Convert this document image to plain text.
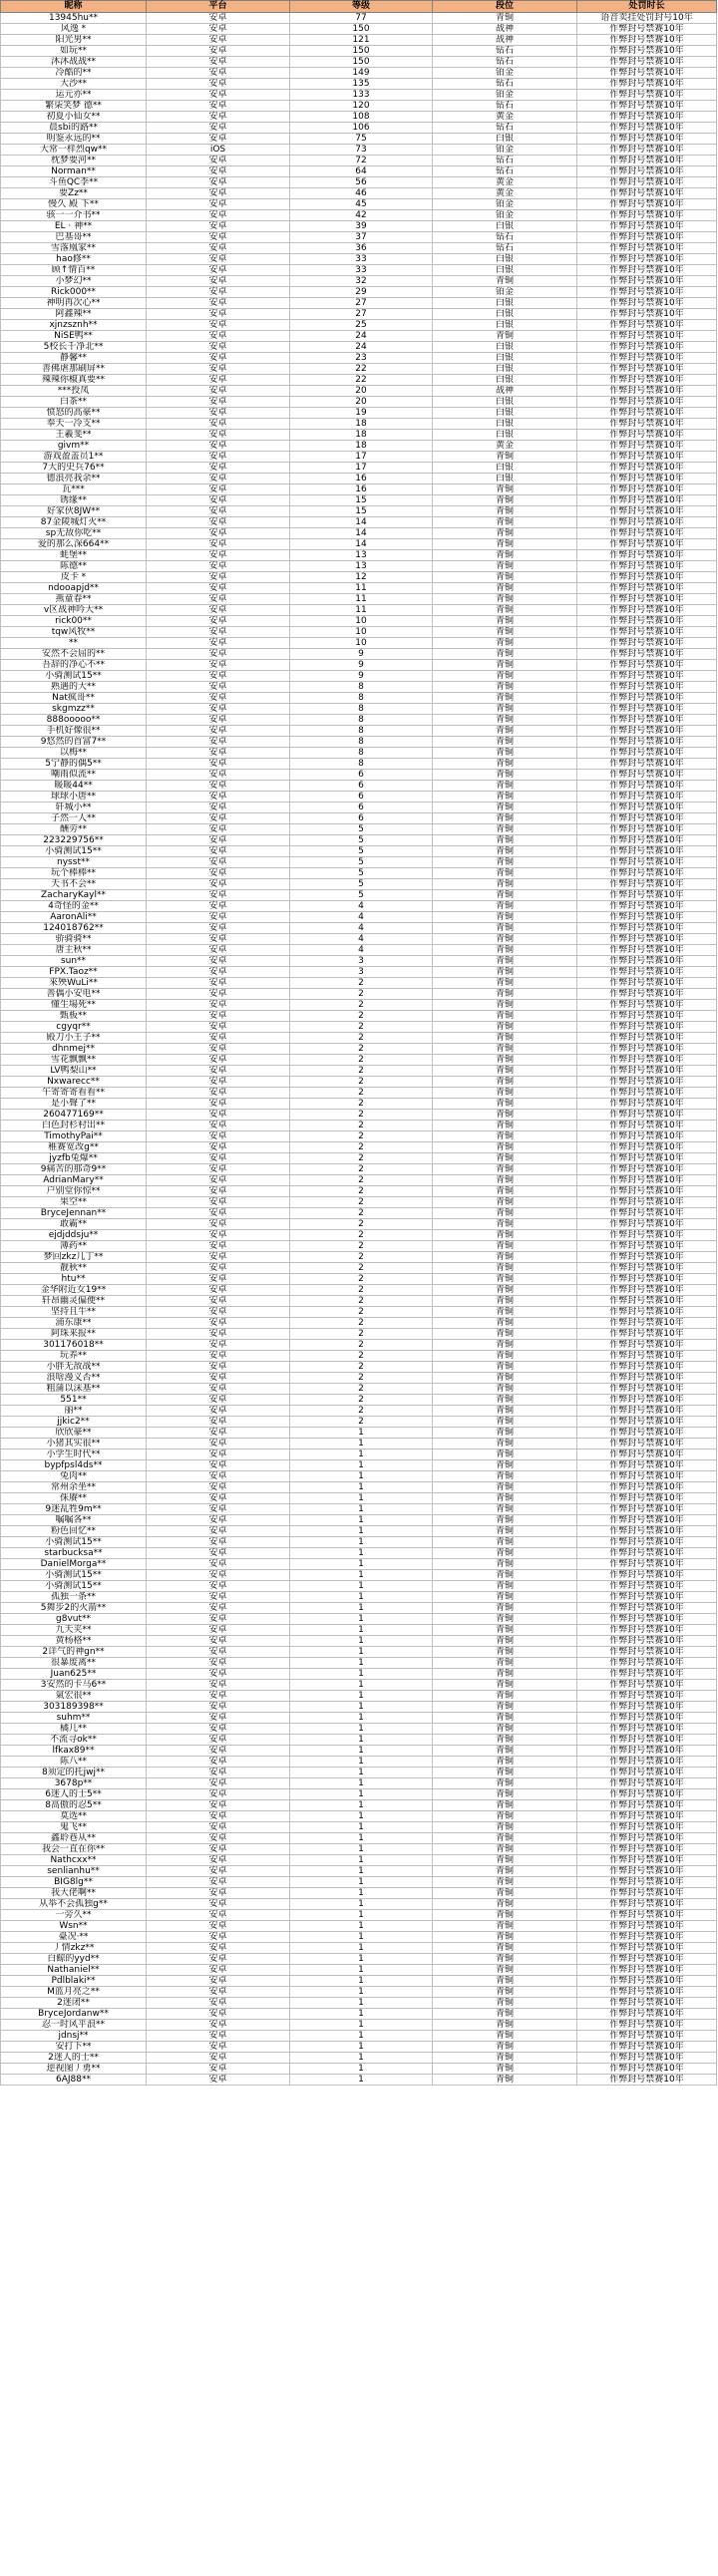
昵称	平台	等级	段位	处罚时长
13945hu**	安卓	77	青铜	语音卖挂处罚封号10年
风逸 *	安卓	150	战神	作弊封号禁赛10年
阳光男**	安卓	121	战神	作弊封号禁赛10年
如玩**	安卓	150	钻石	作弊封号禁赛10年
沐沐战战**	安卓	150	钻石	作弊封号禁赛10年
冷酷的**	安卓	149	铂金	作弊封号禁赛10年
大沙**	安卓	135	钻石	作弊封号禁赛10年
运元亦**	安卓	133	铂金	作弊封号禁赛10年
繁柒笑梦 德**	安卓	120	钻石	作弊封号禁赛10年
初夏小仙女**	安卓	108	黄金	作弊封号禁赛10年
晨sbi的路**	安卓	106	钻石	作弊封号禁赛10年
明鉴永远的**	安卓	75	白银	作弊封号禁赛10年
大常一样烈qw**	iOS	73	铂金	作弊封号禁赛10年
枕梦要河**	安卓	72	钻石	作弊封号禁赛10年
Norman**	安卓	64	钻石	作弊封号禁赛10年
斗鱼QC李**	安卓	56	黄金	作弊封号禁赛10年
要Zz**	安卓	46	黄金	作弊封号禁赛10年
慢久 殿 下**	安卓	45	铂金	作弊封号禁赛10年
骇一一介书**	安卓	42	铂金	作弊封号禁赛10年
EL · 神**	安卓	39	白银	作弊封号禁赛10年
巴基哥**	安卓	37	钻石	作弊封号禁赛10年
雪落凰家**	安卓	36	钻石	作弊封号禁赛10年
hao修**	安卓	33	白银	作弊封号禁赛10年
顾↑情百**	安卓	33	白银	作弊封号禁赛10年
小梦幻**	安卓	32	青铜	作弊封号禁赛10年
Rick000**	安卓	29	铂金	作弊封号禁赛10年
神明再次心**	安卓	27	白银	作弊封号禁赛10年
阿鑫辣**	安卓	27	白银	作弊封号禁赛10年
xjnzsznh**	安卓	25	白银	作弊封号禁赛10年
NiSE鸭**	安卓	24	青铜	作弊封号禁赛10年
5校长千净北**	安卓	24	白银	作弊封号禁赛10年
静馨**	安卓	23	白银	作弊封号禁赛10年
善佛虐那刷屏**	安卓	22	白银	作弊封号禁赛10年
辣辣你椒真要**	安卓	22	白银	作弊封号禁赛10年
***授凤	安卓	20	战神	作弊封号禁赛10年
白茶**	安卓	20	白银	作弊封号禁赛10年
愤怒的高豪**	安卓	19	白银	作弊封号禁赛10年
奉天一冷支**	安卓	18	白银	作弊封号禁赛10年
王羲斐**	安卓	18	白银	作弊封号禁赛10年
givm**	安卓	18	黄金	作弊封号禁赛10年
游戏盈盖员1**	安卓	17	青铜	作弊封号禁赛10年
7大的史兵76**	安卓	17	白银	作弊封号禁赛10年
德浪亮我余**	安卓	16	白银	作弊封号禁赛10年
瓦***	安卓	16	青铜	作弊封号禁赛10年
锈缘**	安卓	15	青铜	作弊封号禁赛10年
好家伙8JW**	安卓	15	青铜	作弊封号禁赛10年
87金陵城灯火**	安卓	14	青铜	作弊封号禁赛10年
sp无敌你吃**	安卓	14	青铜	作弊封号禁赛10年
爱的那么深664**	安卓	14	青铜	作弊封号禁赛10年
蚝堡**	安卓	13	青铜	作弊封号禁赛10年
陈德**	安卓	13	青铜	作弊封号禁赛10年
皮卡 *	安卓	12	青铜	作弊封号禁赛10年
ndooapjd**	安卓	11	青铜	作弊封号禁赛10年
燕童春**	安卓	11	青铜	作弊封号禁赛10年
v区战神吟大**	安卓	11	青铜	作弊封号禁赛10年
rick00**	安卓	10	青铜	作弊封号禁赛10年
tqw风牧**	安卓	10	青铜	作弊封号禁赛10年
**	安卓	10	青铜	作弊封号禁赛10年
安然不会屈的**	安卓	9	青铜	作弊封号禁赛10年
吾辞的净心不**	安卓	9	青铜	作弊封号禁赛10年
小骑测试15**	安卓	9	青铜	作弊封号禁赛10年
熟遇的大**	安卓	8	青铜	作弊封号禁赛10年
Nat疯哥**	安卓	8	青铜	作弊封号禁赛10年
skgmzz**	安卓	8	青铜	作弊封号禁赛10年
888ooooo**	安卓	8	青铜	作弊封号禁赛10年
手机好像很**	安卓	8	青铜	作弊封号禁赛10年
9悠然的首富7**	安卓	8	青铜	作弊封号禁赛10年
以梅**	安卓	8	青铜	作弊封号禁赛10年
5宁静的偶5**	安卓	8	青铜	作弊封号禁赛10年
嘲雨似流**	安卓	6	青铜	作弊封号禁赛10年
暖暖44**	安卓	6	青铜	作弊封号禁赛10年
球球小唐**	安卓	6	青铜	作弊封号禁赛10年
轩城小**	安卓	6	青铜	作弊封号禁赛10年
子然一人**	安卓	6	青铜	作弊封号禁赛10年
酬劳**	安卓	5	青铜	作弊封号禁赛10年
223229756**	安卓	5	青铜	作弊封号禁赛10年
小骑测试15**	安卓	5	青铜	作弊封号禁赛10年
nysst**	安卓	5	青铜	作弊封号禁赛10年
玩个棒棒**	安卓	5	青铜	作弊封号禁赛10年
天书不会**	安卓	5	青铜	作弊封号禁赛10年
ZacharyKayl**	安卓	5	青铜	作弊封号禁赛10年
4奇怪的金**	安卓	4	青铜	作弊封号禁赛10年
AaronAli**	安卓	4	青铜	作弊封号禁赛10年
124018762**	安卓	4	青铜	作弊封号禁赛10年
骄骑骑**	安卓	4	青铜	作弊封号禁赛10年
唐主秋**	安卓	4	青铜	作弊封号禁赛10年
sun**	安卓	3	青铜	作弊封号禁赛10年
FPX.Taoz**	安卓	3	青铜	作弊封号禁赛10年
來殃WuLi**	安卓	2	青铜	作弊封号禁赛10年
善偶小安电**	安卓	2	青铜	作弊封号禁赛10年
懂生場死**	安卓	2	青铜	作弊封号禁赛10年
甄板**	安卓	2	青铜	作弊封号禁赛10年
cgyqr**	安卓	2	青铜	作弊封号禁赛10年
殿刀小王子**	安卓	2	青铜	作弊封号禁赛10年
dhnmej**	安卓	2	青铜	作弊封号禁赛10年
雪花飘飘**	安卓	2	青铜	作弊封号禁赛10年
LV鸭梨山**	安卓	2	青铜	作弊封号禁赛10年
Nxwarecc**	安卓	2	青铜	作弊封号禁赛10年
午寄寄寄看看**	安卓	2	青铜	作弊封号禁赛10年
是小聲了**	安卓	2	青铜	作弊封号禁赛10年
260477169**	安卓	2	青铜	作弊封号禁赛10年
白色封杉村出**	安卓	2	青铜	作弊封号禁赛10年
TimothyPai**	安卓	2	青铜	作弊封号禁赛10年
稚赛宽改g**	安卓	2	青铜	作弊封号禁赛10年
jyzfb兔爆**	安卓	2	青铜	作弊封号禁赛10年
9痛苦的那奇9**	安卓	2	青铜	作弊封号禁赛10年
AdrianMary**	安卓	2	青铜	作弊封号禁赛10年
户别堂你惊**	安卓	2	青铜	作弊封号禁赛10年
果空**	安卓	2	青铜	作弊封号禁赛10年
BryceJennan**	安卓	2	青铜	作弊封号禁赛10年
敢霸**	安卓	2	青铜	作弊封号禁赛10年
ejdjddsju**	安卓	2	青铜	作弊封号禁赛10年
薄药**	安卓	2	青铜	作弊封号禁赛10年
梦回zkz几丁**	安卓	2	青铜	作弊封号禁赛10年
靓秋**	安卓	2	青铜	作弊封号禁赛10年
htu**	安卓	2	青铜	作弊封号禁赛10年
金华附近女19**	安卓	2	青铜	作弊封号禁赛10年
轩昂幽灵偏便**	安卓	2	青铜	作弊封号禁赛10年
坚持且牛**	安卓	2	青铜	作弊封号禁赛10年
浦东康**	安卓	2	青铜	作弊封号禁赛10年
阿珠来报**	安卓	2	青铜	作弊封号禁赛10年
301176018**	安卓	2	青铜	作弊封号禁赛10年
玩养**	安卓	2	青铜	作弊封号禁赛10年
小胖无敌战**	安卓	2	青铜	作弊封号禁赛10年
浪啥漫义否**	安卓	2	青铜	作弊封号禁赛10年
粗蒲以沫基**	安卓	2	青铜	作弊封号禁赛10年
551**	安卓	2	青铜	作弊封号禁赛10年
丽**	安卓	2	青铜	作弊封号禁赛10年
jjkic2**	安卓	2	青铜	作弊封号禁赛10年
欣欣豪**	安卓	1	青铜	作弊封号禁赛10年
小猪其实很**	安卓	1	青铜	作弊封号禁赛10年
小学生时代**	安卓	1	青铜	作弊封号禁赛10年
bypfpsl4ds**	安卓	1	青铜	作弊封号禁赛10年
兔肉**	安卓	1	青铜	作弊封号禁赛10年
常州余坐**	安卓	1	青铜	作弊封号禁赛10年
侏赓**	安卓	1	青铜	作弊封号禁赛10年
9迷乱牲9m**	安卓	1	青铜	作弊封号禁赛10年
嘱嘱各**	安卓	1	青铜	作弊封号禁赛10年
粉色回忆**	安卓	1	青铜	作弊封号禁赛10年
小骑测试15**	安卓	1	青铜	作弊封号禁赛10年
starbucksa**	安卓	1	青铜	作弊封号禁赛10年
DanielMorga**	安卓	1	青铜	作弊封号禁赛10年
小骑测试15**	安卓	1	青铜	作弊封号禁赛10年
小骑测试15**	安卓	1	青铜	作弊封号禁赛10年
孤独一条**	安卓	1	青铜	作弊封号禁赛10年
5舞步2的火箭**	安卓	1	青铜	作弊封号禁赛10年
g8vut**	安卓	1	青铜	作弊封号禁赛10年
九天夹**	安卓	1	青铜	作弊封号禁赛10年
黄杨格**	安卓	1	青铜	作弊封号禁赛10年
2详气的神gn**	安卓	1	青铜	作弊封号禁赛10年
很暴废离**	安卓	1	青铜	作弊封号禁赛10年
Juan625**	安卓	1	青铜	作弊封号禁赛10年
3安然的卡马6**	安卓	1	青铜	作弊封号禁赛10年
氣宏很**	安卓	1	青铜	作弊封号禁赛10年
303189398**	安卓	1	青铜	作弊封号禁赛10年
suhm**	安卓	1	青铜	作弊封号禁赛10年
橘几**	安卓	1	青铜	作弊封号禁赛10年
不流寻ok**	安卓	1	青铜	作弊封号禁赛10年
lfkax89**	安卓	1	青铜	作弊封号禁赛10年
陈八**	安卓	1	青铜	作弊封号禁赛10年
8须定的托jwj**	安卓	1	青铜	作弊封号禁赛10年
3678p**	安卓	1	青铜	作弊封号禁赛10年
6迷人的士5**	安卓	1	青铜	作弊封号禁赛10年
8高傲的忍5**	安卓	1	青铜	作弊封号禁赛10年
莫选**	安卓	1	青铜	作弊封号禁赛10年
鬼飞**	安卓	1	青铜	作弊封号禁赛10年
鑫聆巷从**	安卓	1	青铜	作弊封号禁赛10年
我会一直在你**	安卓	1	青铜	作弊封号禁赛10年
Nathcxx**	安卓	1	青铜	作弊封号禁赛10年
senlianhu**	安卓	1	青铜	作弊封号禁赛10年
BIG8lg**	安卓	1	青铜	作弊封号禁赛10年
我大佬啊**	安卓	1	青铜	作弊封号禁赛10年
从举不会孤独g**	安卓	1	青铜	作弊封号禁赛10年
一旁久**	安卓	1	青铜	作弊封号禁赛10年
Wsn**	安卓	1	青铜	作弊封号禁赛10年
臺况·**	安卓	1	青铜	作弊封号禁赛10年
丿情zkz**	安卓	1	青铜	作弊封号禁赛10年
白鲸的yyd**	安卓	1	青铜	作弊封号禁赛10年
Nathaniel**	安卓	1	青铜	作弊封号禁赛10年
Pdlblaki**	安卓	1	青铜	作弊封号禁赛10年
M蓝月亮之**	安卓	1	青铜	作弊封号禁赛10年
2迷闭**	安卓	1	青铜	作弊封号禁赛10年
BryceJordanw**	安卓	1	青铜	作弊封号禁赛10年
忍一时风平浪**	安卓	1	青铜	作弊封号禁赛10年
jdnsj**	安卓	1	青铜	作弊封号禁赛10年
安打下**	安卓	1	青铜	作弊封号禁赛10年
2迷人的士**	安卓	1	青铜	作弊封号禁赛10年
逆视图丿勇**	安卓	1	青铜	作弊封号禁赛10年
6AJ88**	安卓	1	青铜	作弊封号禁赛10年
